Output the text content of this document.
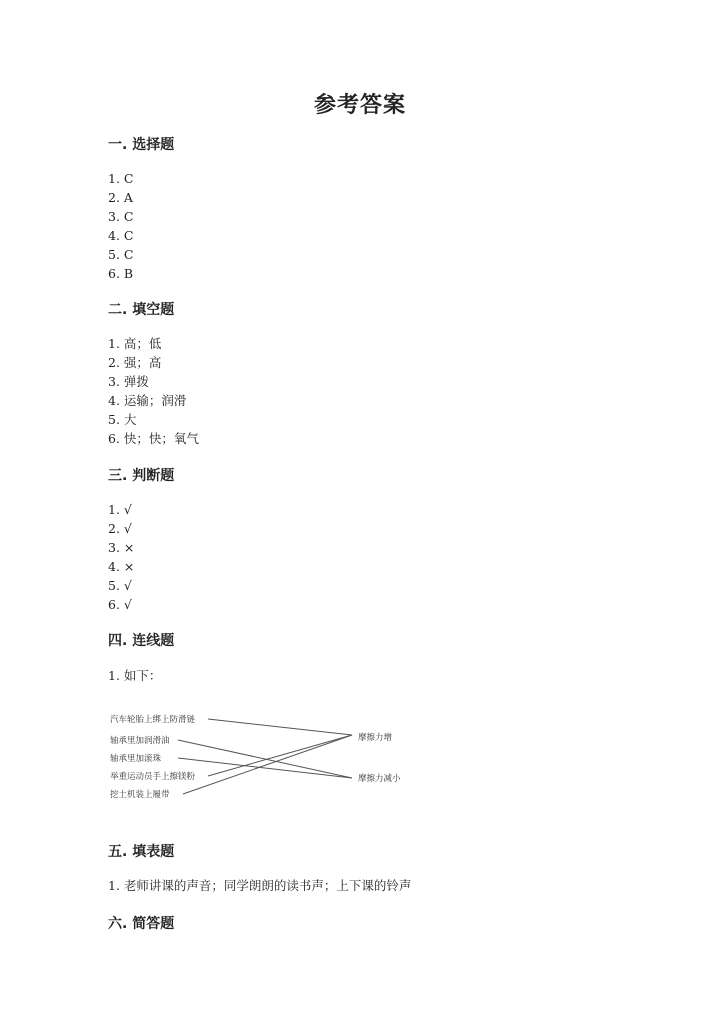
参考答案
一. 选择题
1. C
2. A
3. C
4. C
5. C
6. B
二. 填空题
1. 高；低
2. 强；高
3. 弹拨
4. 运输；润滑
5. 大
6. 快；快；氧气
三. 判断题
1. √
2. √
3. ×
4. ×
5. √
6. √
四. 连线题
1. 如下：
汽车轮胎上绑上防滑链
轴承里加润滑油
轴承里加滚珠
举重运动员手上擦镁粉
挖土机装上履带
摩擦力增
摩擦力减小
五. 填表题
1. 老师讲课的声音；同学朗朗的读书声；上下课的铃声
六. 简答题
